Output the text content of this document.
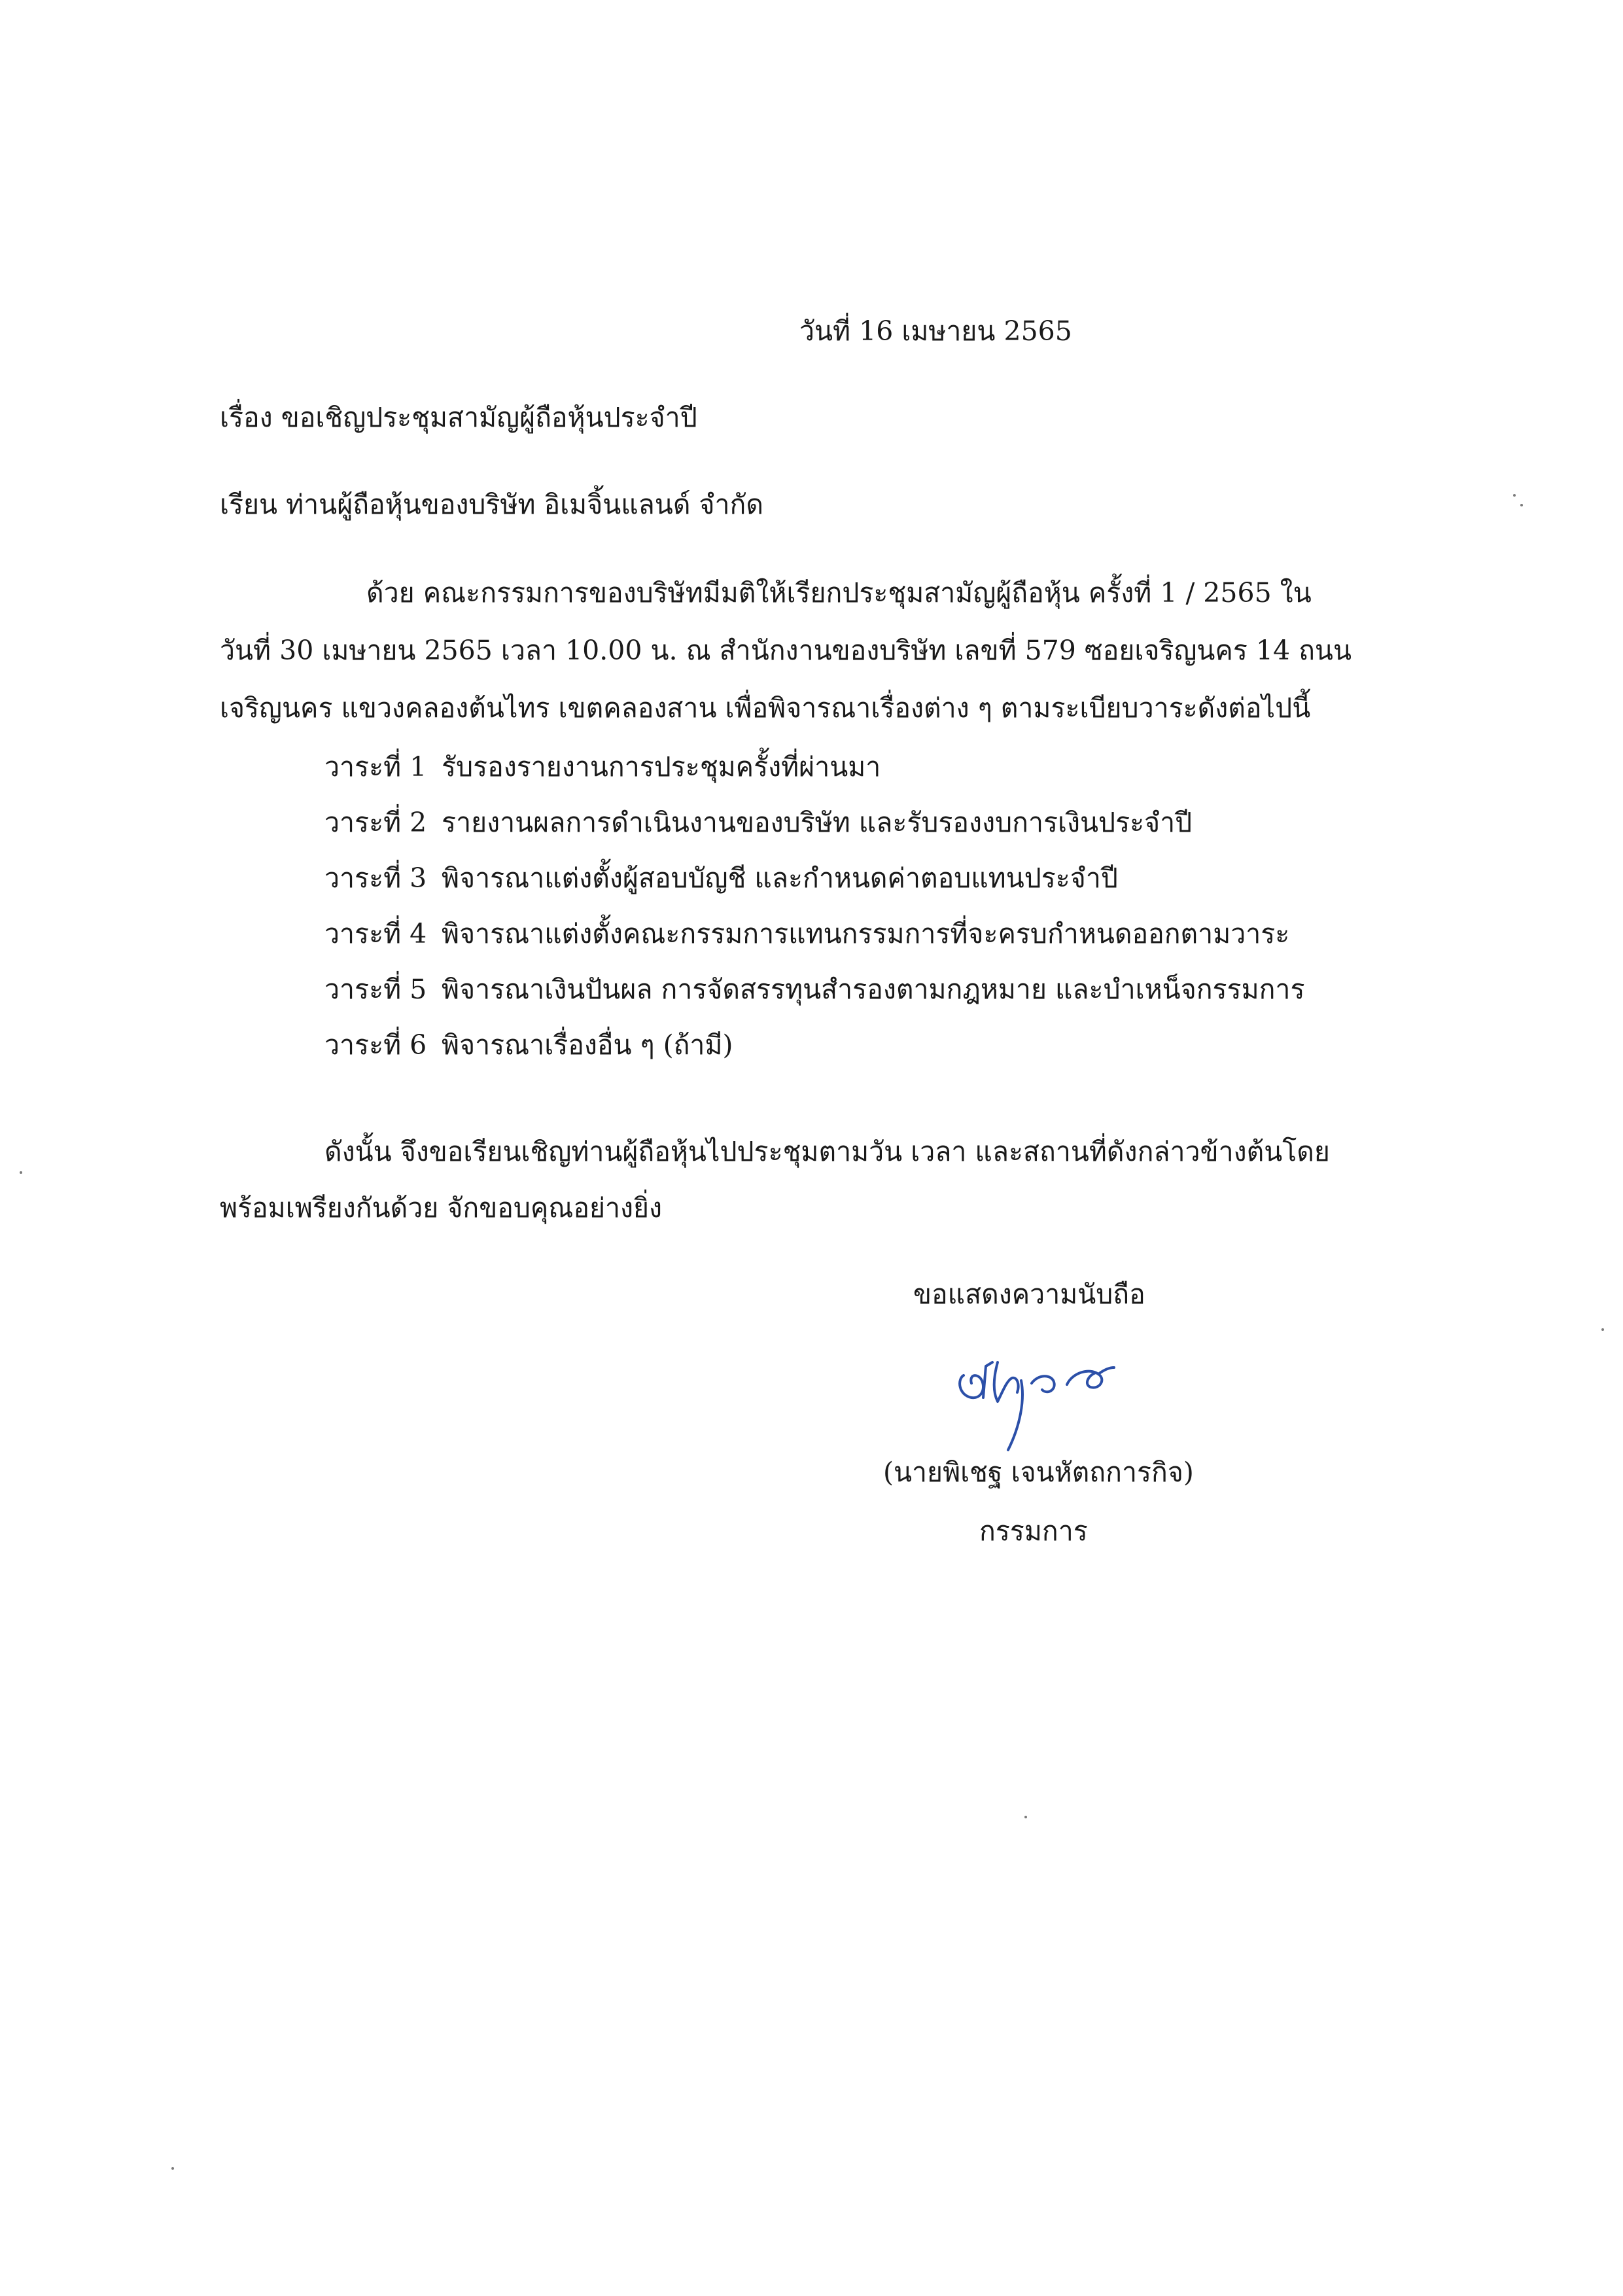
วันที่ 16 เมษายน 2565
เรื่อง ขอเชิญประชุมสามัญผู้ถือหุ้นประจำปี
เรียน ท่านผู้ถือหุ้นของบริษัท อิเมจิ้นแลนด์ จำกัด
ด้วย คณะกรรมการของบริษัทมีมติให้เรียกประชุมสามัญผู้ถือหุ้น ครั้งที่ 1 / 2565 ใน
วันที่ 30 เมษายน 2565 เวลา 10.00 น. ณ สำนักงานของบริษัท เลขที่ 579 ซอยเจริญนคร 14 ถนน
เจริญนคร แขวงคลองต้นไทร เขตคลองสาน เพื่อพิจารณาเรื่องต่าง ๆ ตามระเบียบวาระดังต่อไปนี้
วาระที่ 1 รับรองรายงานการประชุมครั้งที่ผ่านมา
วาระที่ 2 รายงานผลการดำเนินงานของบริษัท และรับรองงบการเงินประจำปี
วาระที่ 3 พิจารณาแต่งตั้งผู้สอบบัญชี และกำหนดค่าตอบแทนประจำปี
วาระที่ 4 พิจารณาแต่งตั้งคณะกรรมการแทนกรรมการที่จะครบกำหนดออกตามวาระ
วาระที่ 5 พิจารณาเงินปันผล การจัดสรรทุนสำรองตามกฎหมาย และบำเหน็จกรรมการ
วาระที่ 6 พิจารณาเรื่องอื่น ๆ (ถ้ามี)
ดังนั้น จึงขอเรียนเชิญท่านผู้ถือหุ้นไปประชุมตามวัน เวลา และสถานที่ดังกล่าวข้างต้นโดย
พร้อมเพรียงกันด้วย จักขอบคุณอย่างยิ่ง
ขอแสดงความนับถือ
(นายพิเชฐ เจนหัตถการกิจ)
กรรมการ
